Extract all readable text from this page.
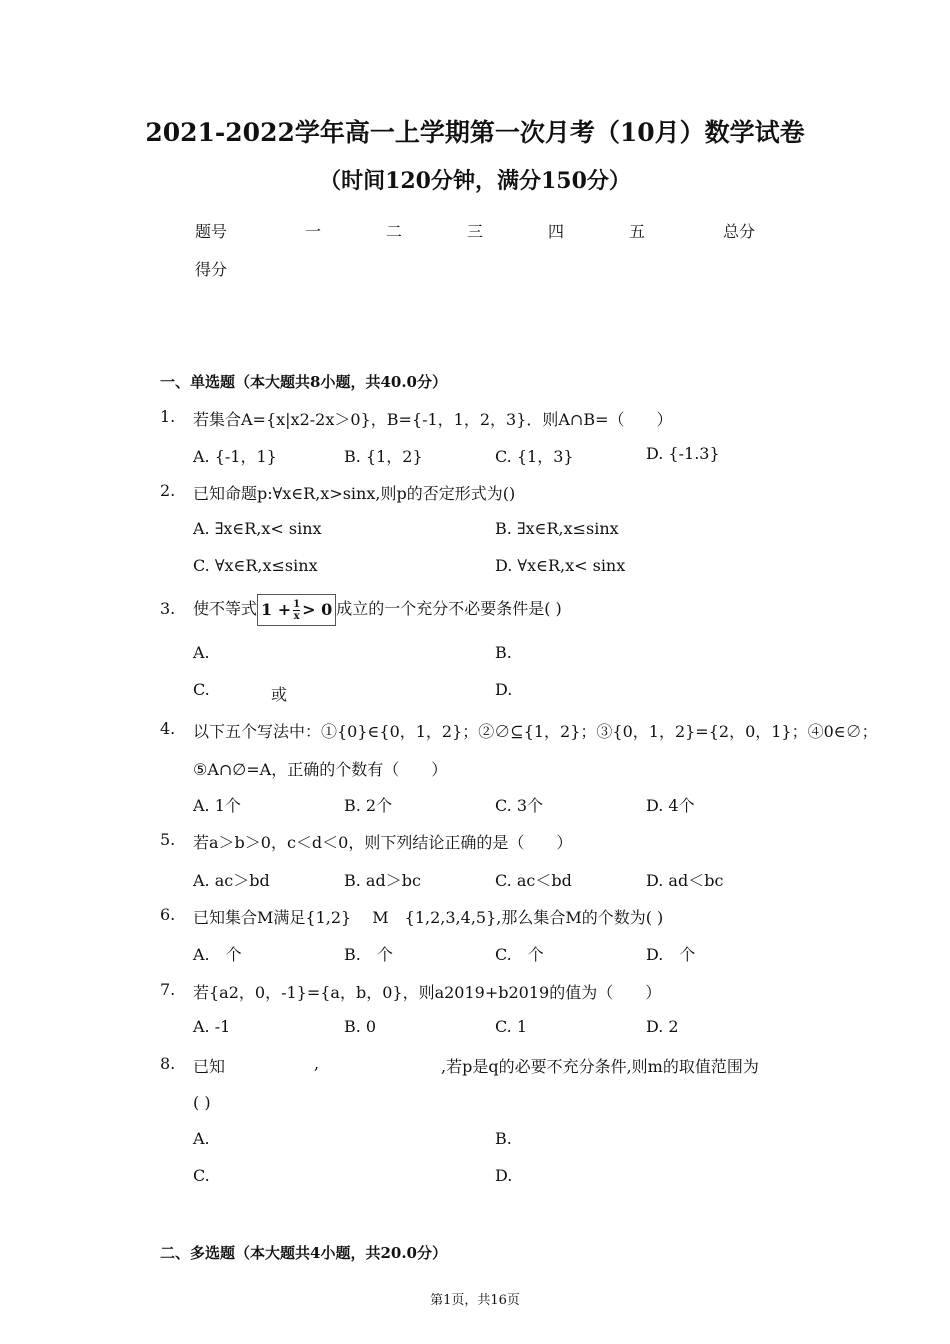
2021-2022学年高一上学期第一次月考（10月）数学试卷
（时间120分钟，满分150分）
题号	一	二	三	四	五	总分
得分
一、单选题（本大题共8小题，共40.0分）
1. 若集合A={x|x2-2x＞0}，B={-1，1，2，3}．则A∩B=（　　）
A. {-1，1}	B. {1，2}	C. {1，3}	D. {-1.3}
2. 已知命题p:∀x∈R,x>sinx,则p的否定形式为()
A. ∃x∈R,x< sinx	B. ∃x∈R,x≤sinx
C. ∀x∈R,x≤sinx	D. ∀x∈R,x< sinx
3. 使不等式 $1 + \frac{1}{x} > 0$ 成立的一个充分不必要条件是( )
A.	B.
C.	或	D.
4. 以下五个写法中：①{0}∈{0，1，2}；②∅⊆{1，2}；③{0，1，2}={2，0，1}；④0∈∅；
⑤A∩∅=A，正确的个数有（　　）
A. 1个	B. 2个	C. 3个	D. 4个
5. 若a＞b＞0，c＜d＜0，则下列结论正确的是（　　）
A. ac＞bd	B. ad＞bc	C. ac＜bd	D. ad＜bc
6. 已知集合M满足{1,2}　 M　{1,2,3,4,5},那么集合M的个数为( )
A.　个	B.　个	C.　个	D.　个
7. 若{a2，0，-1}={a，b，0}，则a2019+b2019的值为（　　）
A. -1	B. 0	C. 1	D. 2
8. 已知	,	,若p是q的必要不充分条件,则m的取值范围为
( )
A.	B.
C.	D.
二、多选题（本大题共4小题，共20.0分）
第1页，共16页
